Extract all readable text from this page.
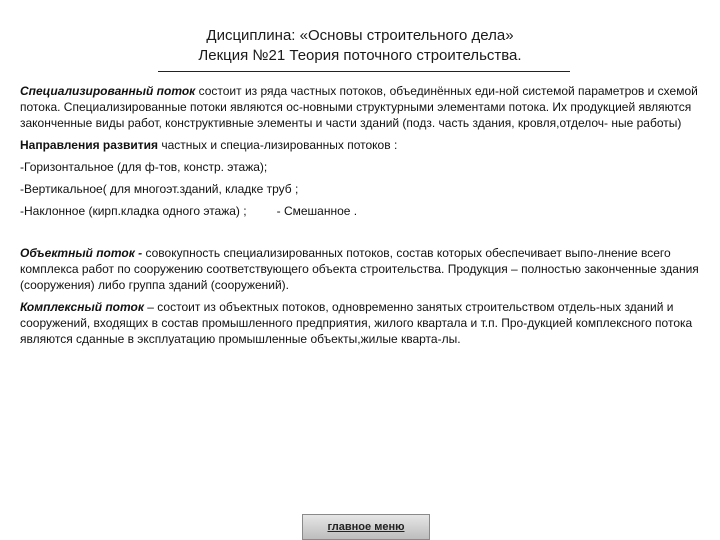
Дисциплина: «Основы строительного дела»
Лекция №21 Теория поточного строительства.

Специализированный поток состоит из ряда частных потоков, объединённых еди-ной системой параметров и схемой потока. Специализированные потоки являются ос-новными структурными элементами потока. Их продукцией являются законченные виды работ, конструктивные элементы и части зданий (подз. часть здания, кровля,отделоч- ные работы)

Направления развития частных и специа-лизированных потоков :

-Горизонтальное (для ф-тов, констр. этажа);

-Вертикальное( для многоэт.зданий, кладке труб ;

-Наклонное (кирп.кладка одного этажа) ;	- Смешанное .

Объектный поток - совокупность специализированных потоков, состав которых обеспечивает выпо-лнение всего комплекса работ по сооружению соответствующего объекта строительства. Продукция – полностью законченные здания (сооружения) либо группа зданий (сооружений).

Комплексный поток – состоит из объектных потоков, одновременно занятых строительством отдель-ных зданий и сооружений, входящих в состав промышленного предприятия, жилого квартала и т.п. Про-дукцией комплексного потока являются сданные в эксплуатацию промышленные объекты,жилые кварта-лы.

главное меню
